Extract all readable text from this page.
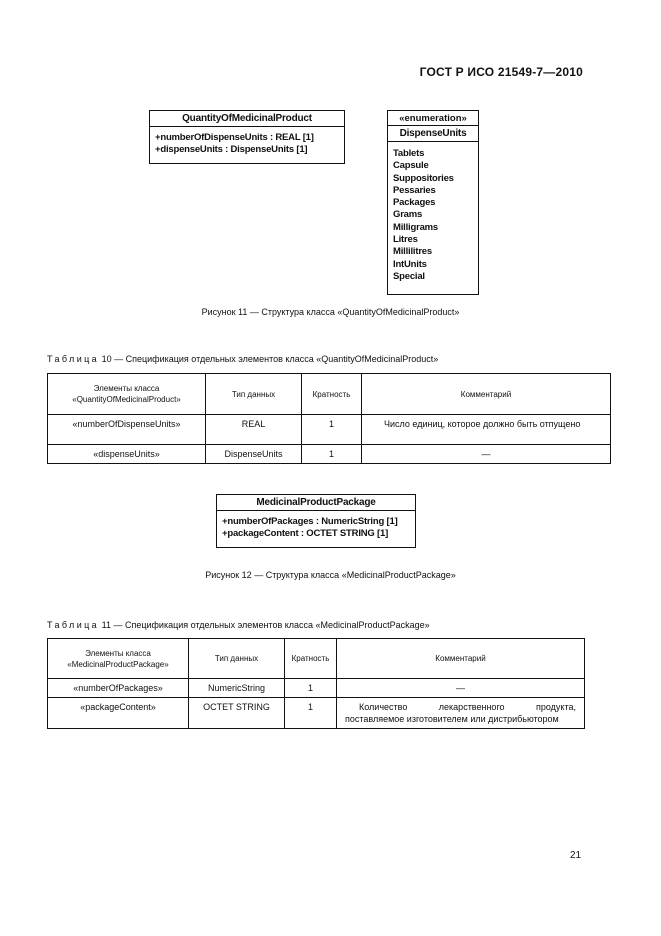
ГОСТ Р ИСО 21549-7—2010
QuantityOfMedicinalProduct
+numberOfDispenseUnits : REAL [1]
+dispenseUnits : DispenseUnits [1]
«enumeration»
DispenseUnits
Tablets
Capsule
Suppositories
Pessaries
Packages
Grams
Milligrams
Litres
Millilitres
IntUnits
Special
Рисунок 11 — Структура класса «QuantityOfMedicinalProduct»
Таблица 10 — Спецификация отдельных элементов класса «QuantityOfMedicinalProduct»
Элементы класса «QuantityOfMedicinalProduct»	Тип данных	Кратность	Комментарий
«numberOfDispenseUnits»	REAL	1	Число единиц, которое должно быть отпущено
«dispenseUnits»	DispenseUnits	1	—
MedicinalProductPackage
+numberOfPackages : NumericString [1]
+packageContent : OCTET STRING [1]
Рисунок 12 — Структура класса «MedicinalProductPackage»
Таблица 11 — Спецификация отдельных элементов класса «MedicinalProductPackage»
Элементы класса «MedicinalProductPackage»	Тип данных	Кратность	Комментарий
«numberOfPackages»	NumericString	1	—
«packageContent»	OCTET STRING	1	Количество лекарственного продукта, поставляемое изготовителем или дистрибьютором
21
